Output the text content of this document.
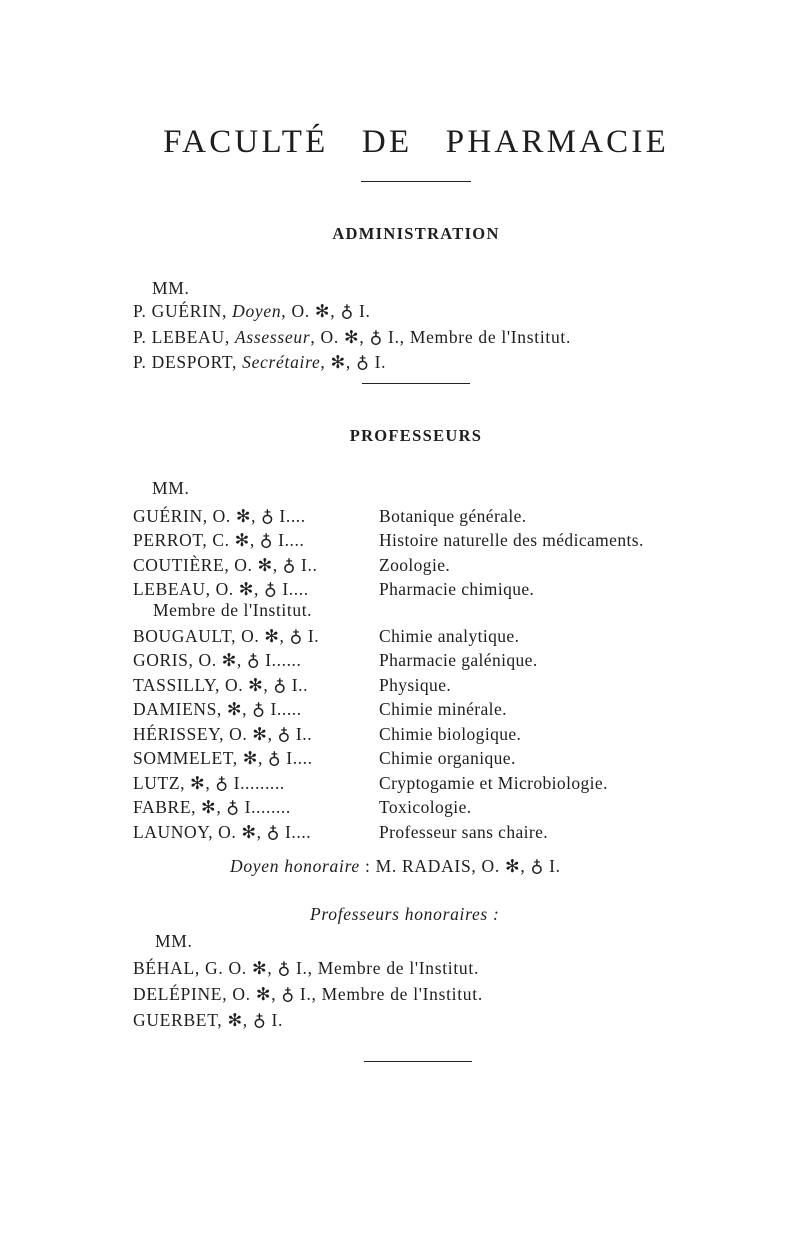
FACULTÉ DE PHARMACIE
ADMINISTRATION
MM.
P. GUÉRIN, Doyen, O. ✻, ♁ I.
P. LEBEAU, Assesseur, O. ✻, ♁ I., Membre de l'Institut.
P. DESPORT, Secrétaire, ✻, ♁ I.
PROFESSEURS
MM.
GUÉRIN, O. ✻, ♁ I....	Botanique générale.
PERROT, C. ✻, ♁ I....	Histoire naturelle des médicaments.
COUTIÈRE, O. ✻, ♁ I..	Zoologie.
LEBEAU, O. ✻, ♁ I....	Pharmacie chimique.
Membre de l'Institut.
BOUGAULT, O. ✻, ♁ I.	Chimie analytique.
GORIS, O. ✻, ♁ I......	Pharmacie galénique.
TASSILLY, O. ✻, ♁ I..	Physique.
DAMIENS, ✻, ♁ I.....	Chimie minérale.
HÉRISSEY, O. ✻, ♁ I..	Chimie biologique.
SOMMELET, ✻, ♁ I....	Chimie organique.
LUTZ, ✻, ♁ I.........	Cryptogamie et Microbiologie.
FABRE, ✻, ♁ I........	Toxicologie.
LAUNOY, O. ✻, ♁ I....	Professeur sans chaire.
Doyen honoraire : M. RADAIS, O. ✻, ♁ I.
Professeurs honoraires :
MM.
BÉHAL, G. O. ✻, ♁ I., Membre de l'Institut.
DELÉPINE, O. ✻, ♁ I., Membre de l'Institut.
GUERBET, ✻, ♁ I.
